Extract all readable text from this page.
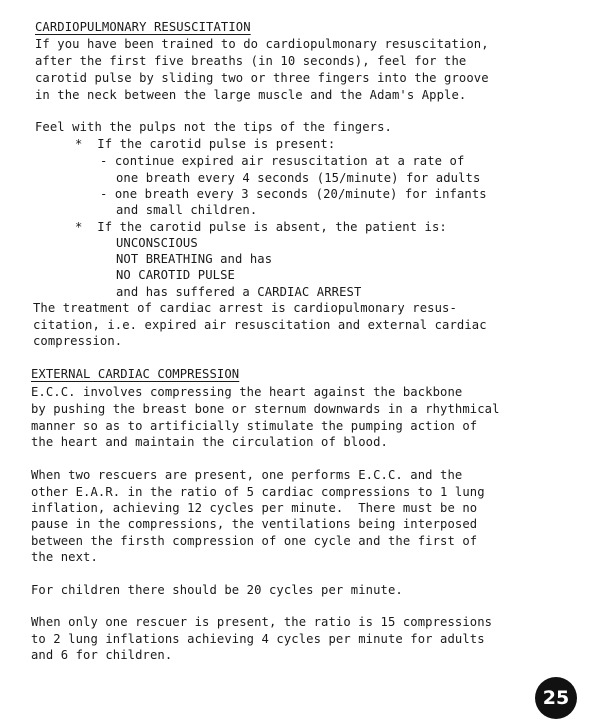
CARDIOPULMONARY RESUSCITATION
If you have been trained to do cardiopulmonary resuscitation,
after the first five breaths (in 10 seconds), feel for the
carotid pulse by sliding two or three fingers into the groove
in the neck between the large muscle and the Adam's Apple.
Feel with the pulps not the tips of the fingers.
*  If the carotid pulse is present:
- continue expired air resuscitation at a rate of
one breath every 4 seconds (15/minute) for adults
- one breath every 3 seconds (20/minute) for infants
and small children.
*  If the carotid pulse is absent, the patient is:
UNCONSCIOUS
NOT BREATHING and has
NO CAROTID PULSE
and has suffered a CARDIAC ARREST
The treatment of cardiac arrest is cardiopulmonary resus-
citation, i.e. expired air resuscitation and external cardiac
compression.
EXTERNAL CARDIAC COMPRESSION
E.C.C. involves compressing the heart against the backbone
by pushing the breast bone or sternum downwards in a rhythmical
manner so as to artificially stimulate the pumping action of
the heart and maintain the circulation of blood.
When two rescuers are present, one performs E.C.C. and the
other E.A.R. in the ratio of 5 cardiac compressions to 1 lung
inflation, achieving 12 cycles per minute.  There must be no
pause in the compressions, the ventilations being interposed
between the firsth compression of one cycle and the first of
the next.
For children there should be 20 cycles per minute.
When only one rescuer is present, the ratio is 15 compressions
to 2 lung inflations achieving 4 cycles per minute for adults
and 6 for children.
25
